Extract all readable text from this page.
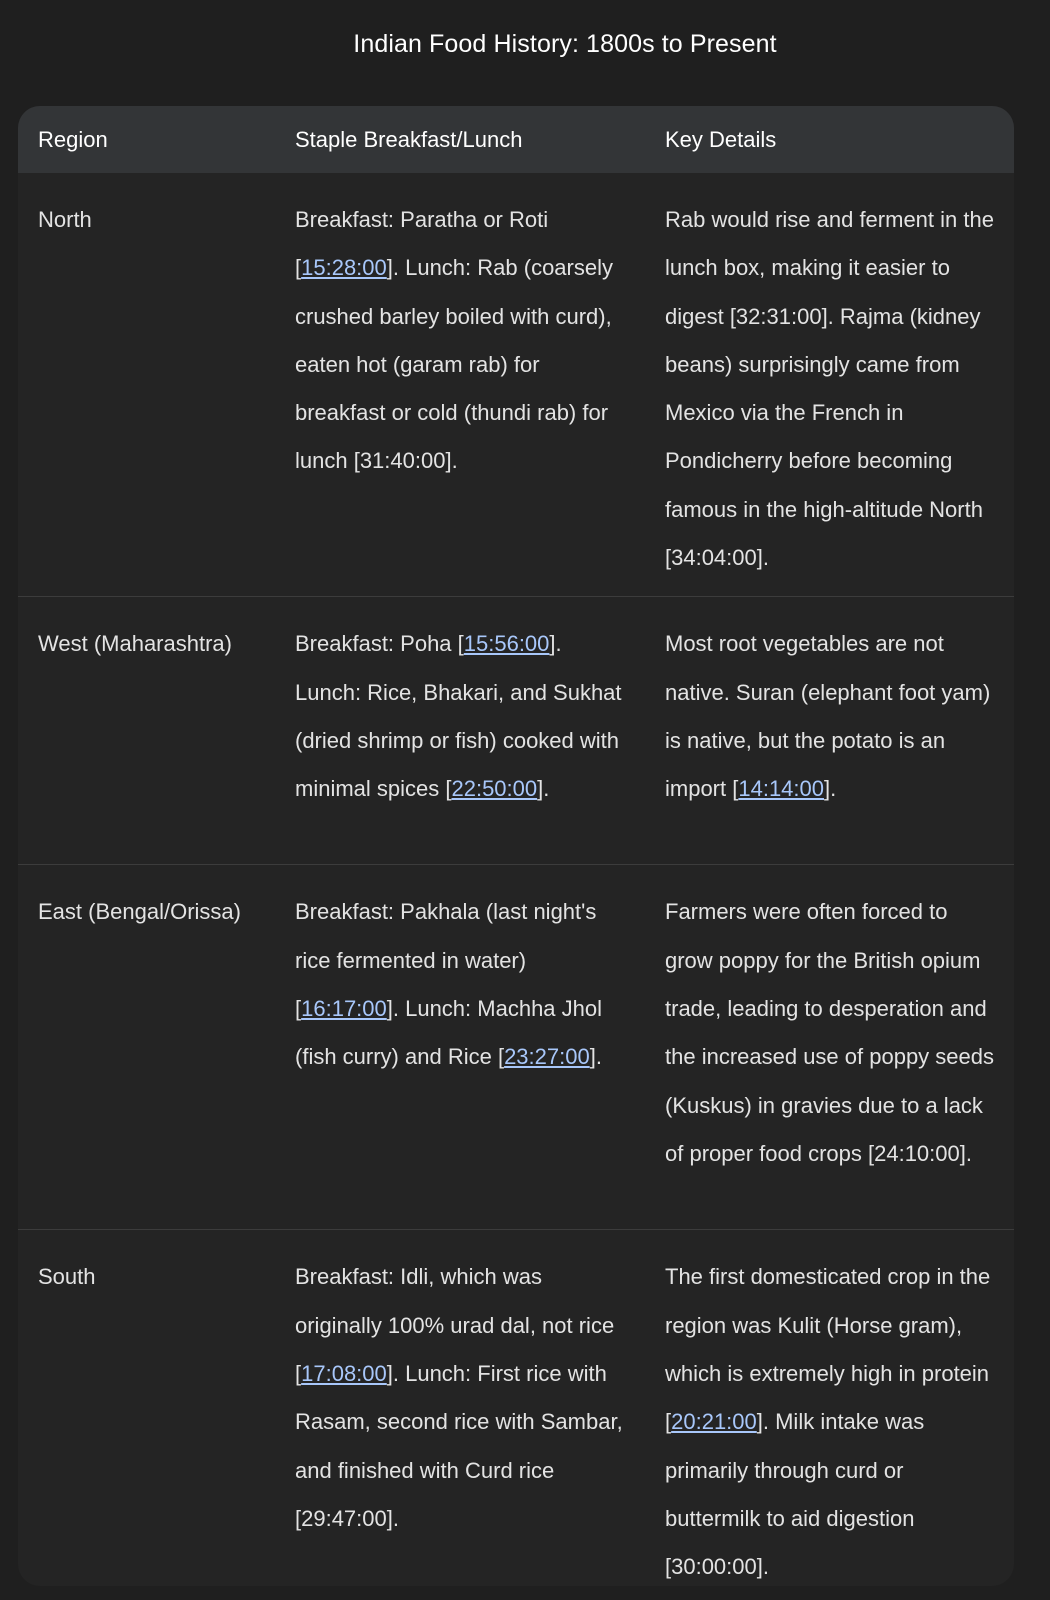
Indian Food History: 1800s to Present
Region	Staple Breakfast/Lunch	Key Details
North	Breakfast: Paratha or Roti [15:28:00]. Lunch: Rab (coarsely crushed barley boiled with curd), eaten hot (garam rab) for breakfast or cold (thundi rab) for lunch [31:40:00].	Rab would rise and ferment in the lunch box, making it easier to digest [32:31:00]. Rajma (kidney beans) surprisingly came from Mexico via the French in Pondicherry before becoming famous in the high-altitude North [34:04:00].
West (Maharashtra)	Breakfast: Poha [15:56:00]. Lunch: Rice, Bhakari, and Sukhat (dried shrimp or fish) cooked with minimal spices [22:50:00].	Most root vegetables are not native. Suran (elephant foot yam) is native, but the potato is an import [14:14:00].
East (Bengal/Orissa)	Breakfast: Pakhala (last night's rice fermented in water) [16:17:00]. Lunch: Machha Jhol (fish curry) and Rice [23:27:00].	Farmers were often forced to grow poppy for the British opium trade, leading to desperation and the increased use of poppy seeds (Kuskus) in gravies due to a lack of proper food crops [24:10:00].
South	Breakfast: Idli, which was originally 100% urad dal, not rice [17:08:00]. Lunch: First rice with Rasam, second rice with Sambar, and finished with Curd rice [29:47:00].	The first domesticated crop in the region was Kulit (Horse gram), which is extremely high in protein [20:21:00]. Milk intake was primarily through curd or buttermilk to aid digestion [30:00:00].
